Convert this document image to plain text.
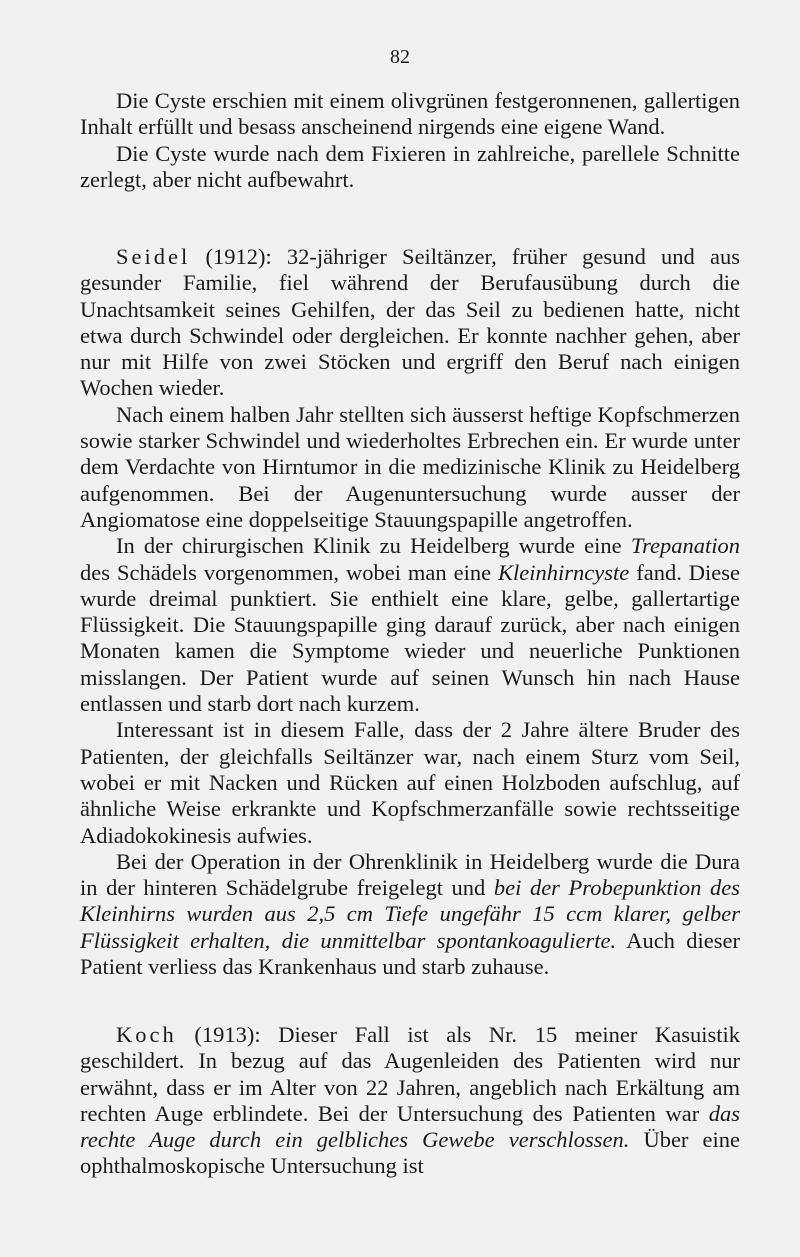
82

Die Cyste erschien mit einem olivgrünen festgeronnenen, gallertigen Inhalt erfüllt und besass anscheinend nirgends eine eigene Wand.

Die Cyste wurde nach dem Fixieren in zahlreiche, parellele Schnitte zerlegt, aber nicht aufbewahrt.

Seidel (1912): 32-jähriger Seiltänzer, früher gesund und aus gesunder Familie, fiel während der Berufausübung durch die Unachtsamkeit seines Gehilfen, der das Seil zu bedienen hatte, nicht etwa durch Schwindel oder dergleichen. Er konnte nachher gehen, aber nur mit Hilfe von zwei Stöcken und ergriff den Beruf nach einigen Wochen wieder.

Nach einem halben Jahr stellten sich äusserst heftige Kopfschmerzen sowie starker Schwindel und wiederholtes Erbrechen ein. Er wurde unter dem Verdachte von Hirntumor in die medizinische Klinik zu Heidelberg aufgenommen. Bei der Augenuntersuchung wurde ausser der Angiomatose eine doppelseitige Stauungspapille angetroffen.

In der chirurgischen Klinik zu Heidelberg wurde eine Trepanation des Schädels vorgenommen, wobei man eine Kleinhirncyste fand. Diese wurde dreimal punktiert. Sie enthielt eine klare, gelbe, gallertartige Flüssigkeit. Die Stauungspapille ging darauf zurück, aber nach einigen Monaten kamen die Symptome wieder und neuerliche Punktionen misslangen. Der Patient wurde auf seinen Wunsch hin nach Hause entlassen und starb dort nach kurzem.

Interessant ist in diesem Falle, dass der 2 Jahre ältere Bruder des Patienten, der gleichfalls Seiltänzer war, nach einem Sturz vom Seil, wobei er mit Nacken und Rücken auf einen Holzboden aufschlug, auf ähnliche Weise erkrankte und Kopfschmerzanfälle sowie rechtsseitige Adiadokokinesis aufwies.

Bei der Operation in der Ohrenklinik in Heidelberg wurde die Dura in der hinteren Schädelgrube freigelegt und bei der Probepunktion des Kleinhirns wurden aus 2,5 cm Tiefe ungefähr 15 ccm klarer, gelber Flüssigkeit erhalten, die unmittelbar spontankoagulierte. Auch dieser Patient verliess das Krankenhaus und starb zuhause.

Koch (1913): Dieser Fall ist als Nr. 15 meiner Kasuistik geschildert. In bezug auf das Augenleiden des Patienten wird nur erwähnt, dass er im Alter von 22 Jahren, angeblich nach Erkältung am rechten Auge erblindete. Bei der Untersuchung des Patienten war das rechte Auge durch ein gelbliches Gewebe verschlossen. Über eine ophthalmoskopische Untersuchung ist
